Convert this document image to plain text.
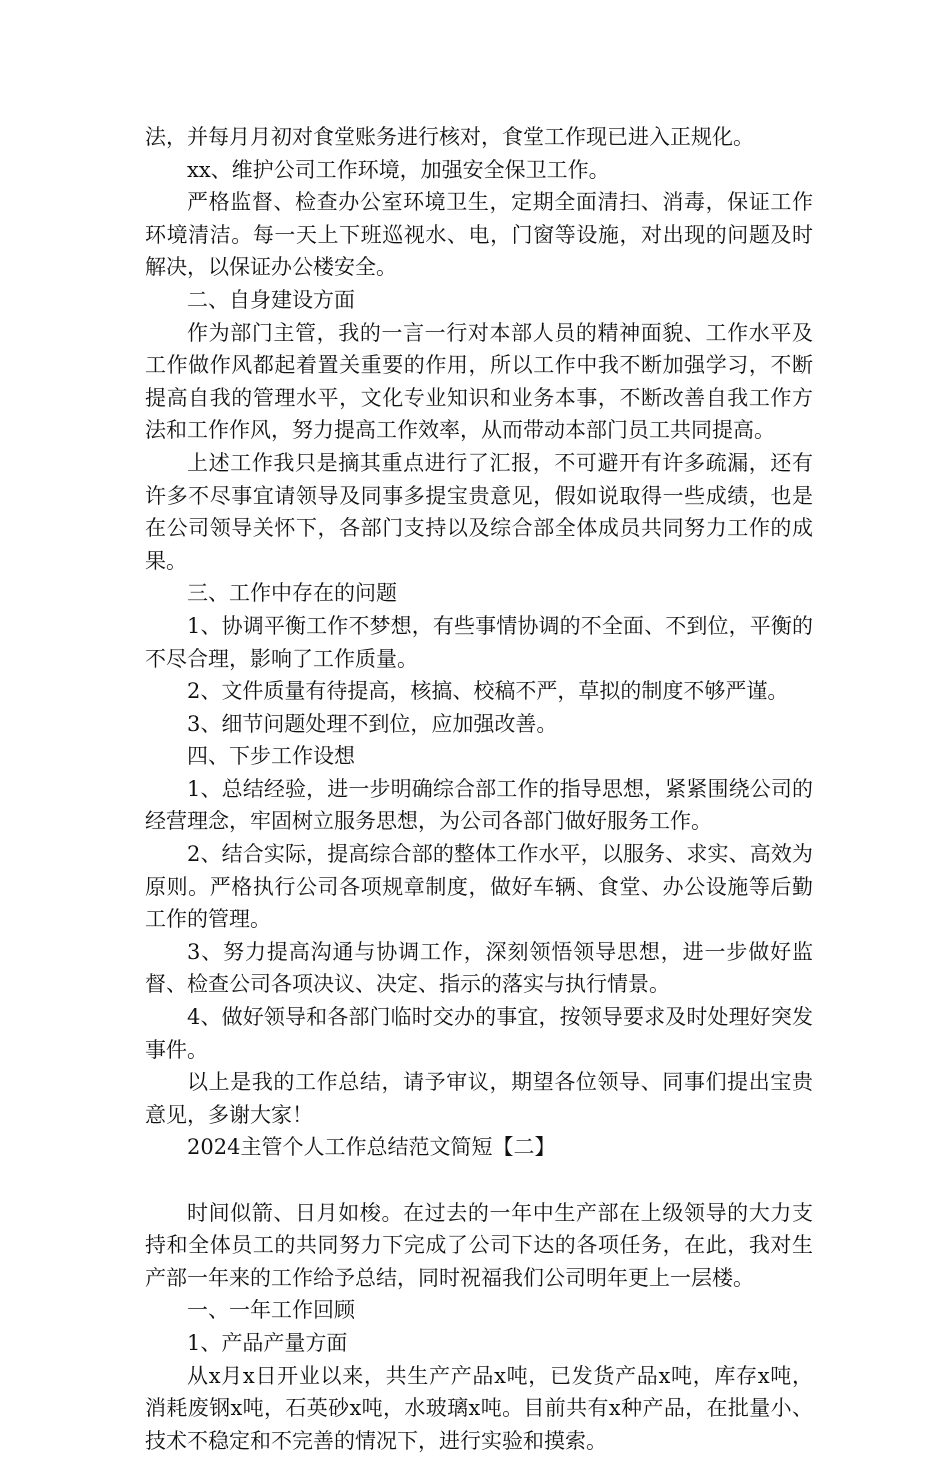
法，并每月月初对食堂账务进行核对，食堂工作现已进入正规化。

xx、维护公司工作环境，加强安全保卫工作。

严格监督、检查办公室环境卫生，定期全面清扫、消毒，保证工作环境清洁。每一天上下班巡视水、电，门窗等设施，对出现的问题及时解决，以保证办公楼安全。

二、自身建设方面

作为部门主管，我的一言一行对本部人员的精神面貌、工作水平及工作做作风都起着置关重要的作用，所以工作中我不断加强学习，不断提高自我的管理水平，文化专业知识和业务本事，不断改善自我工作方法和工作作风，努力提高工作效率，从而带动本部门员工共同提高。

上述工作我只是摘其重点进行了汇报，不可避开有许多疏漏，还有许多不尽事宜请领导及同事多提宝贵意见，假如说取得一些成绩，也是在公司领导关怀下，各部门支持以及综合部全体成员共同努力工作的成果。

三、工作中存在的问题

1、协调平衡工作不梦想，有些事情协调的不全面、不到位，平衡的不尽合理，影响了工作质量。

2、文件质量有待提高，核搞、校稿不严，草拟的制度不够严谨。

3、细节问题处理不到位，应加强改善。

四、下步工作设想

1、总结经验，进一步明确综合部工作的指导思想，紧紧围绕公司的经营理念，牢固树立服务思想，为公司各部门做好服务工作。

2、结合实际，提高综合部的整体工作水平，以服务、求实、高效为原则。严格执行公司各项规章制度，做好车辆、食堂、办公设施等后勤工作的管理。

3、努力提高沟通与协调工作，深刻领悟领导思想，进一步做好监督、检查公司各项决议、决定、指示的落实与执行情景。

4、做好领导和各部门临时交办的事宜，按领导要求及时处理好突发事件。

以上是我的工作总结，请予审议，期望各位领导、同事们提出宝贵意见，多谢大家！

2024主管个人工作总结范文简短【二】

时间似箭、日月如梭。在过去的一年中生产部在上级领导的大力支持和全体员工的共同努力下完成了公司下达的各项任务，在此，我对生产部一年来的工作给予总结，同时祝福我们公司明年更上一层楼。

一、一年工作回顾

1、产品产量方面

从x月x日开业以来，共生产产品x吨，已发货产品x吨，库存x吨，消耗废钢x吨，石英砂x吨，水玻璃x吨。目前共有x种产品，在批量小、技术不稳定和不完善的情况下，进行实验和摸索。
